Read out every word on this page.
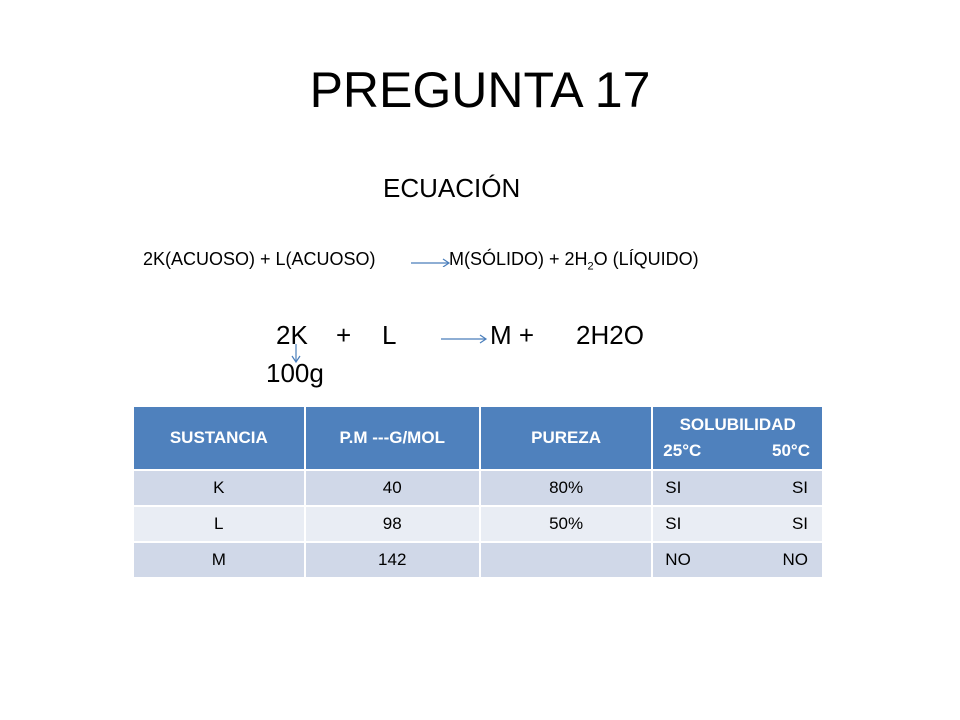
PREGUNTA 17
ECUACIÓN
2K(ACUOSO) + L(ACUOSO)	M(SÓLIDO) + $2H_2O$ (LÍQUIDO)
2K + L → M + 2H2O
100g
SUSTANCIA	P.M ---G/MOL	PUREZA	SOLUBILIDAD
25°C 50°C

K	40	80%	SI SI

L	98	50%	SI SI

M	142		NO NO
